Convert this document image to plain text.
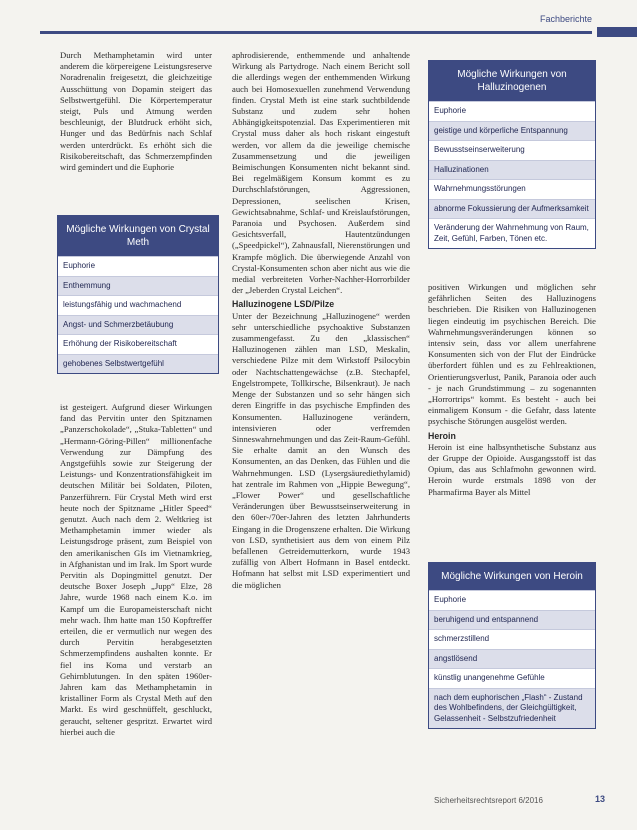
Fachberichte

Durch Methamphetamin wird unter anderem die körpereigene Leistungsreserve Noradrenalin freigesetzt, die gleichzeitige Ausschüttung von Dopamin steigert das Selbstwertgefühl. Die Körpertemperatur steigt, Puls und Atmung werden beschleunigt, der Blutdruck erhöht sich, Hunger und das Bedürfnis nach Schlaf werden unterdrückt. Es erhöht sich die Risikobereitschaft, das Schmerzempfinden wird gemindert und die Euphorie

Mögliche Wirkungen von Crystal Meth
Euphorie
Enthemmung
leistungsfähig und wachmachend
Angst- und Schmerzbetäubung
Erhöhung der Risikobereitschaft
gehobenes Selbstwertgefühl

ist gesteigert. Aufgrund dieser Wirkungen fand das Pervitin unter den Spitznamen „Panzerschokolade“, „Stuka-Tabletten“ und „Hermann-Göring-Pillen“ millionenfache Verwendung zur Dämpfung des Angstgefühls sowie zur Steigerung der Leistungs- und Konzentrationsfähigkeit im deutschen Militär bei Soldaten, Piloten, Panzerführern. Für Crystal Meth wird erst heute noch der Spitzname „Hitler Speed“ genutzt. Auch nach dem 2. Weltkrieg ist Methamphetamin immer wieder als Leistungsdroge präsent, zum Beispiel von den amerikanischen GIs im Vietnamkrieg, in Afghanistan und im Irak. Im Sport wurde Pervitin als Dopingmittel genutzt. Der deutsche Boxer Joseph „Jupp“ Elze, 28 Jahre, wurde 1968 nach einem K.o. im Kampf um die Europameisterschaft nicht mehr wach. Ihm hatte man 150 Kopftreffer erteilen, die er vermutlich nur wegen des durch Pervitin herabgesetzten Schmerzempfindens aushalten konnte. Er fiel ins Koma und verstarb an Gehirnblutungen. In den späten 1960er-Jahren kam das Methamphetamin in kristalliner Form als Crystal Meth auf den Markt. Es wird geschnüffelt, geschluckt, geraucht, seltener gespritzt. Erwartet wird hierbei auch die

aphrodisierende, enthemmende und anhaltende Wirkung als Partydroge. Nach einem Bericht soll die allerdings wegen der enthemmenden Wirkung auch bei Homosexuellen zunehmend Verwendung finden. Crystal Meth ist eine stark suchtbildende Substanz und zudem sehr hohen Abhängigkeitspotenzial. Das Experimentieren mit Crystal muss daher als hoch riskant eingestuft werden, vor allem da die jeweilige chemische Zusammensetzung und die jeweiligen Beimischungen Konsumenten nicht bekannt sind. Bei regelmäßigem Konsum kommt es zu Durchschlafstörungen, Aggressionen, Depressionen, seelischen Krisen, Gewichtsabnahme, Schlaf- und Kreislaufstörungen, Paranoia und Psychosen. Außerdem sind Gesichtsverfall, Hautentzündungen („Speedpickel“), Zahnausfall, Nierenstörungen und Krampfe möglich. Die überwiegende Anzahl von Crystal-Konsumenten schon aber nicht aus wie die medial verbreiteten Vorher-Nachher-Horrorbilder der „Jeberden Crystal Leichen“.

Halluzinogene LSD/Pilze

Unter der Bezeichnung „Halluzinogene“ werden sehr unterschiedliche psychoaktive Substanzen zusammengefasst. Zu den „klassischen“ Halluzinogenen zählen man LSD, Meskalin, verschiedene Pilze mit dem Wirkstoff Psilocybin oder Nachtschattengewächse (z.B. Stechapfel, Engelstrompete, Tollkirsche, Bilsenkraut). Je nach Menge der Substanzen und so sehr hängen sich deren Eingriffe in das psychische Empfinden des Konsumenten. Halluzinogene verändern, intensivieren oder verfremden Sinneswahrnehmungen und das Zeit-Raum-Gefühl. Sie erhalte damit an den Wunsch des Konsumenten, an das Denken, das Fühlen und die Wahrnehmungen. LSD (Lysergsäurediethylamid) hat zentrale im Rahmen von „Hippie Bewegung“, „Flower Power“ und gesellschaftliche Veränderungen über Bewusstseinserweiterung in den 60er-/70er-Jahren des letzten Jahrhunderts Eingang in die Drogenszene erhalten. Die Wirkung von LSD, synthetisiert aus dem von einem Pilz befallenen Getreidemutterkorn, wurde 1943 zufällig von Albert Hofmann in Basel entdeckt. Hofmann hat selbst mit LSD experimentiert und die möglichen

Mögliche Wirkungen von Halluzinogenen
Euphorie
geistige und körperliche Entspannung
Bewusstseinserweiterung
Halluzinationen
Wahrnehmungsstörungen
abnorme Fokussierung der Aufmerksamkeit
Veränderung der Wahrnehmung von Raum, Zeit, Gefühl, Farben, Tönen etc.

positiven Wirkungen und möglichen sehr gefährlichen Seiten des Halluzinogens beschrieben. Die Risiken von Halluzinogenen liegen eindeutig im psychischen Bereich. Die Wahrnehmungsveränderungen können so intensiv sein, dass vor allem unerfahrene Konsumenten sich von der Flut der Eindrücke überfordert fühlen und es zu Fehlreaktionen, Orientierungsverlust, Panik, Paranoia oder auch - je nach Grundstimmung – zu sogenannten „Horrortrips“ kommt. Es besteht - auch bei einmaligem Konsum - die Gefahr, dass latente psychische Störungen ausgelöst werden.

Heroin

Heroin ist eine halbsynthetische Substanz aus der Gruppe der Opioide. Ausgangsstoff ist das Opium, das aus Schlafmohn gewonnen wird. Heroin wurde erstmals 1898 von der Pharmafirma Bayer als Mittel

Mögliche Wirkungen von Heroin
Euphorie
beruhigend und entspannend
schmerzstillend
angstlösend
künstlig unangenehme Gefühle
nach dem euphorischen „Flash“ - Zustand des Wohlbefindens, der Gleichgültigkeit, Gelassenheit - Selbstzufriedenheit
Sicherheitsrechtsreport 6/2016	13
